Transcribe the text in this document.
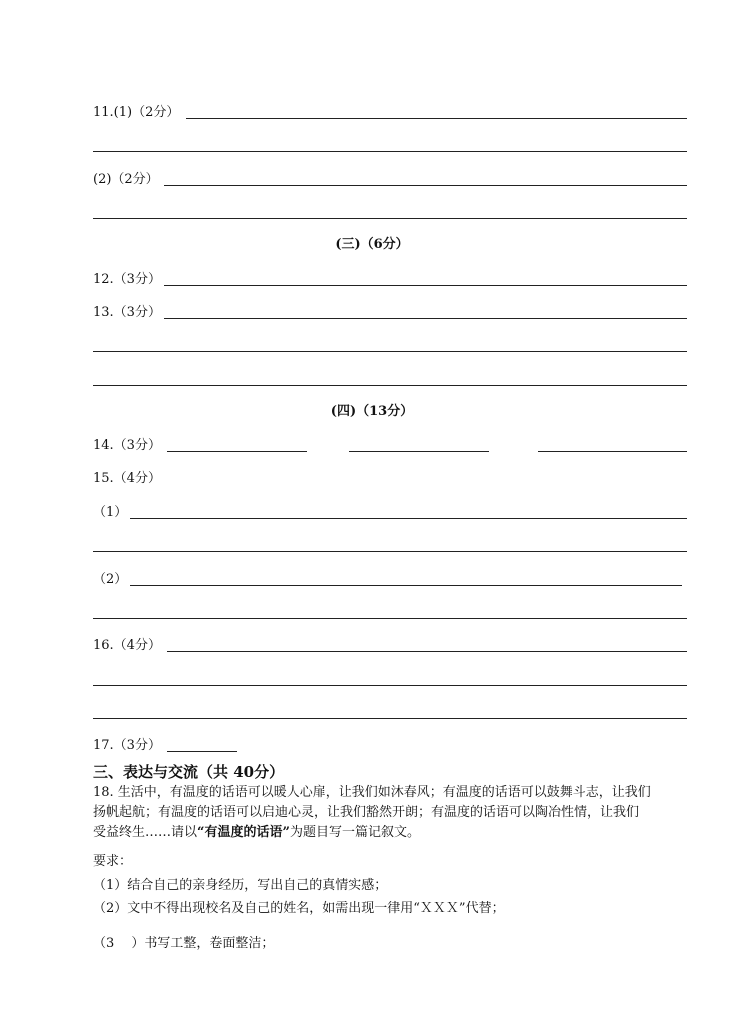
11.(1)（2分）
(2)（2分）
(三)（6分）
12.（3分）
13.（3分）
(四)（13分）
14.（3分）
15.（4分）
（1）
（2）
16.（4分）
17.（3分）
三、表达与交流（共 40分）
18. 生活中，有温度的话语可以暖人心扉，让我们如沐春风；有温度的话语可以鼓舞斗志，让我们
扬帆起航；有温度的话语可以启迪心灵，让我们豁然开朗；有温度的话语可以陶冶性情，让我们
受益终生……请以“有温度的话语”为题目写一篇记叙文。
要求：
（1）结合自己的亲身经历，写出自己的真情实感；
（2）文中不得出现校名及自己的姓名，如需出现一律用“ＸＸＸ”代替；
（3　 ）书写工整，卷面整洁；
